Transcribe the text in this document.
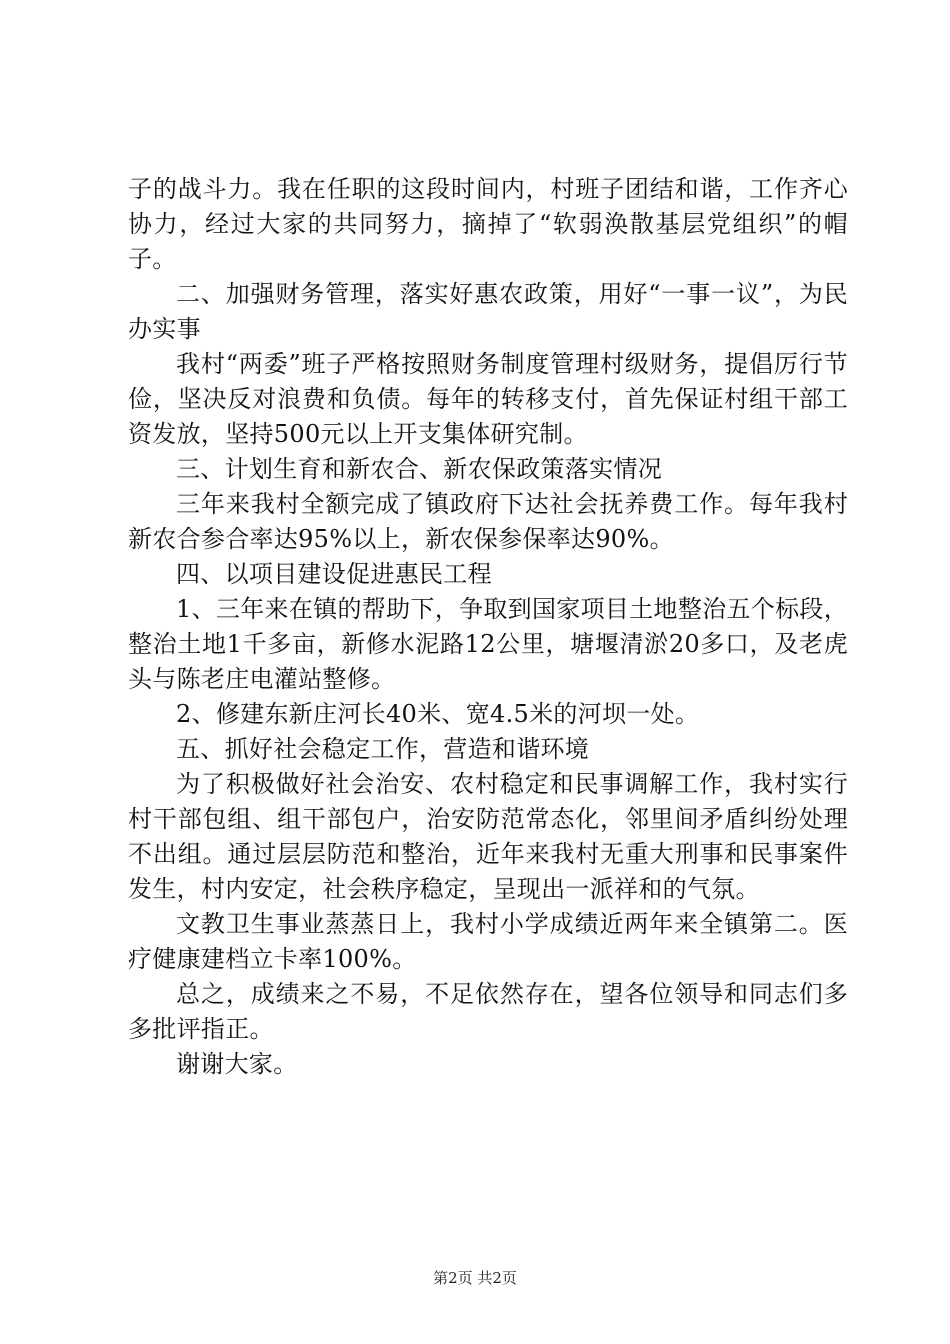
子的战斗力。我在任职的这段时间内，村班子团结和谐，工作齐心协力，经过大家的共同努力，摘掉了“软弱涣散基层党组织”的帽子。

二、加强财务管理，落实好惠农政策，用好“一事一议”，为民办实事

我村“两委”班子严格按照财务制度管理村级财务，提倡厉行节俭，坚决反对浪费和负债。每年的转移支付，首先保证村组干部工资发放，坚持500元以上开支集体研究制。

三、计划生育和新农合、新农保政策落实情况

三年来我村全额完成了镇政府下达社会抚养费工作。每年我村新农合参合率达95%以上，新农保参保率达90%。

四、以项目建设促进惠民工程

1、三年来在镇的帮助下，争取到国家项目土地整治五个标段，整治土地1千多亩，新修水泥路12公里，塘堰清淤20多口，及老虎头与陈老庄电灌站整修。

2、修建东新庄河长40米、宽4.5米的河坝一处。

五、抓好社会稳定工作，营造和谐环境

为了积极做好社会治安、农村稳定和民事调解工作，我村实行村干部包组、组干部包户，治安防范常态化，邻里间矛盾纠纷处理不出组。通过层层防范和整治，近年来我村无重大刑事和民事案件发生，村内安定，社会秩序稳定，呈现出一派祥和的气氛。

文教卫生事业蒸蒸日上，我村小学成绩近两年来全镇第二。医疗健康建档立卡率100%。

总之，成绩来之不易，不足依然存在，望各位领导和同志们多多批评指正。

谢谢大家。

第2页 共2页
